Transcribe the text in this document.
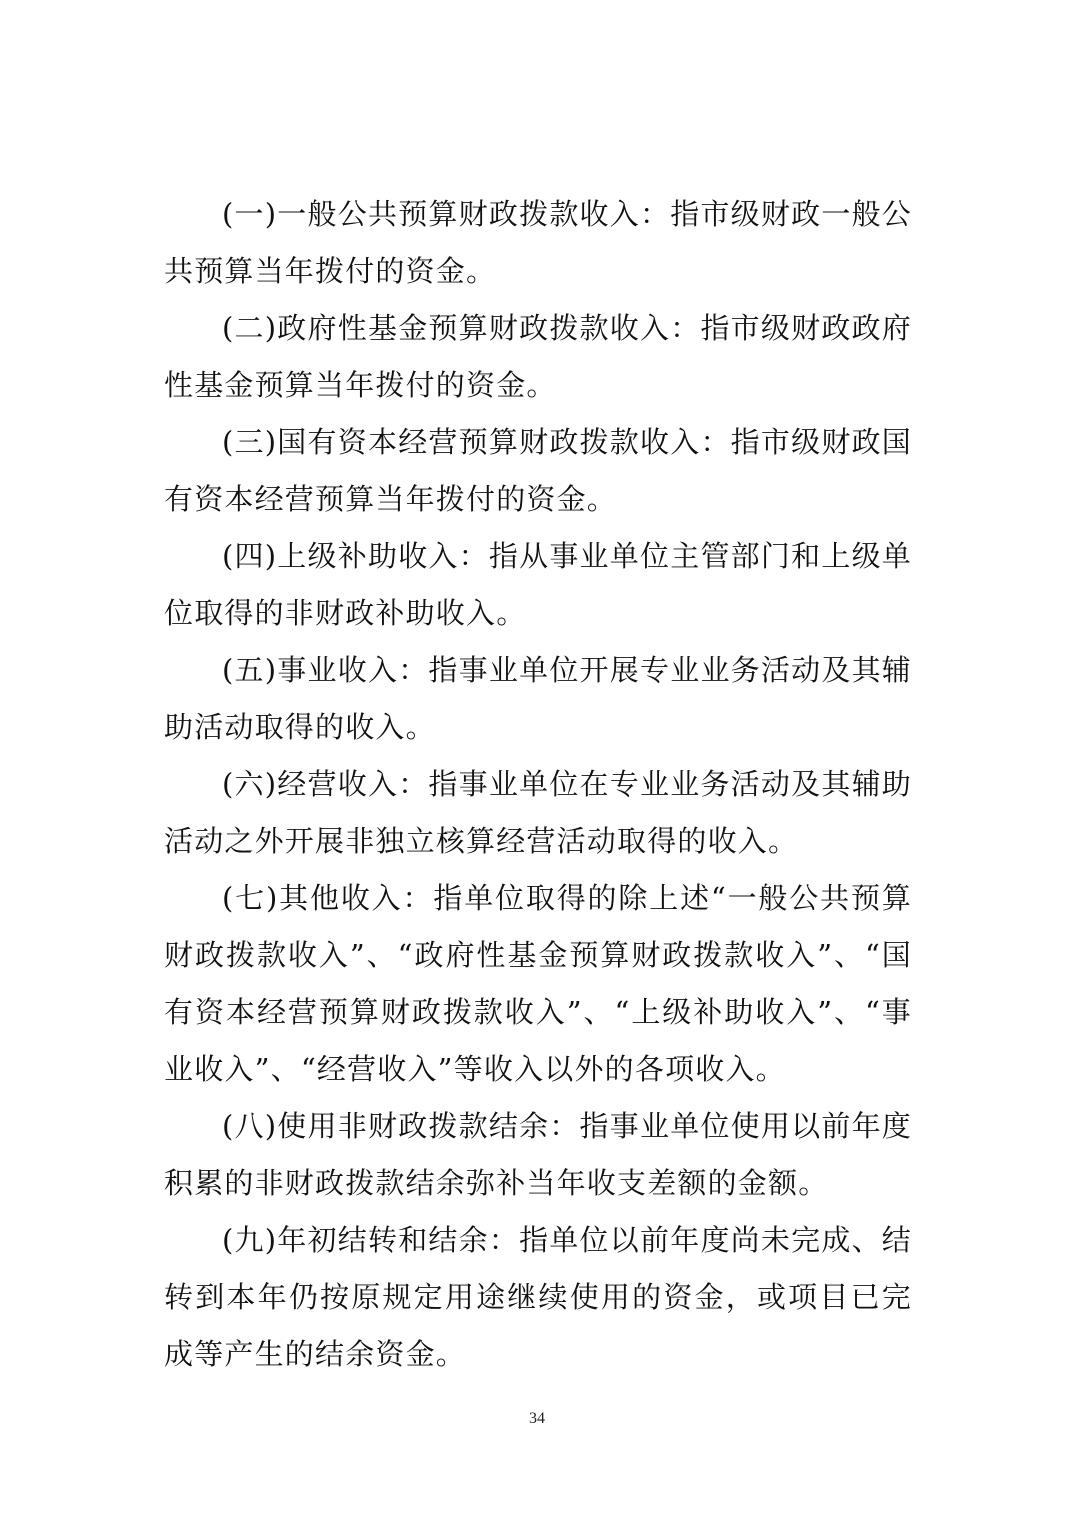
(一)一般公共预算财政拨款收入：指市级财政一般公共预算当年拨付的资金。

(二)政府性基金预算财政拨款收入：指市级财政政府性基金预算当年拨付的资金。

(三)国有资本经营预算财政拨款收入：指市级财政国有资本经营预算当年拨付的资金。

(四)上级补助收入：指从事业单位主管部门和上级单位取得的非财政补助收入。

(五)事业收入：指事业单位开展专业业务活动及其辅助活动取得的收入。

(六)经营收入：指事业单位在专业业务活动及其辅助活动之外开展非独立核算经营活动取得的收入。

(七)其他收入：指单位取得的除上述“一般公共预算财政拨款收入”、“政府性基金预算财政拨款收入”、“国有资本经营预算财政拨款收入”、“上级补助收入”、“事业收入”、“经营收入”等收入以外的各项收入。

(八)使用非财政拨款结余：指事业单位使用以前年度积累的非财政拨款结余弥补当年收支差额的金额。

(九)年初结转和结余：指单位以前年度尚未完成、结转到本年仍按原规定用途继续使用的资金，或项目已完成等产生的结余资金。

34
